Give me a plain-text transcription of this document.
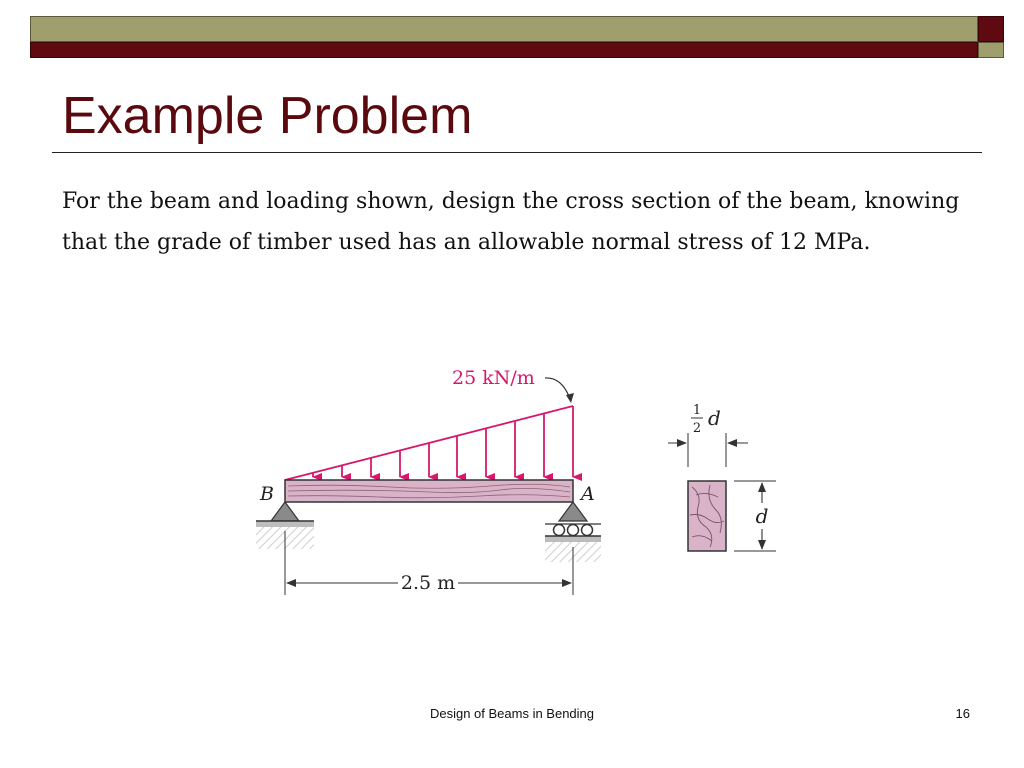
Example Problem

For the beam and loading shown, design the cross section of the beam, knowing that the grade of timber used has an allowable normal stress of 12 MPa.

25 kN/m
B	A
2.5 m
1
2 d
d
Design of Beams in Bending	16
